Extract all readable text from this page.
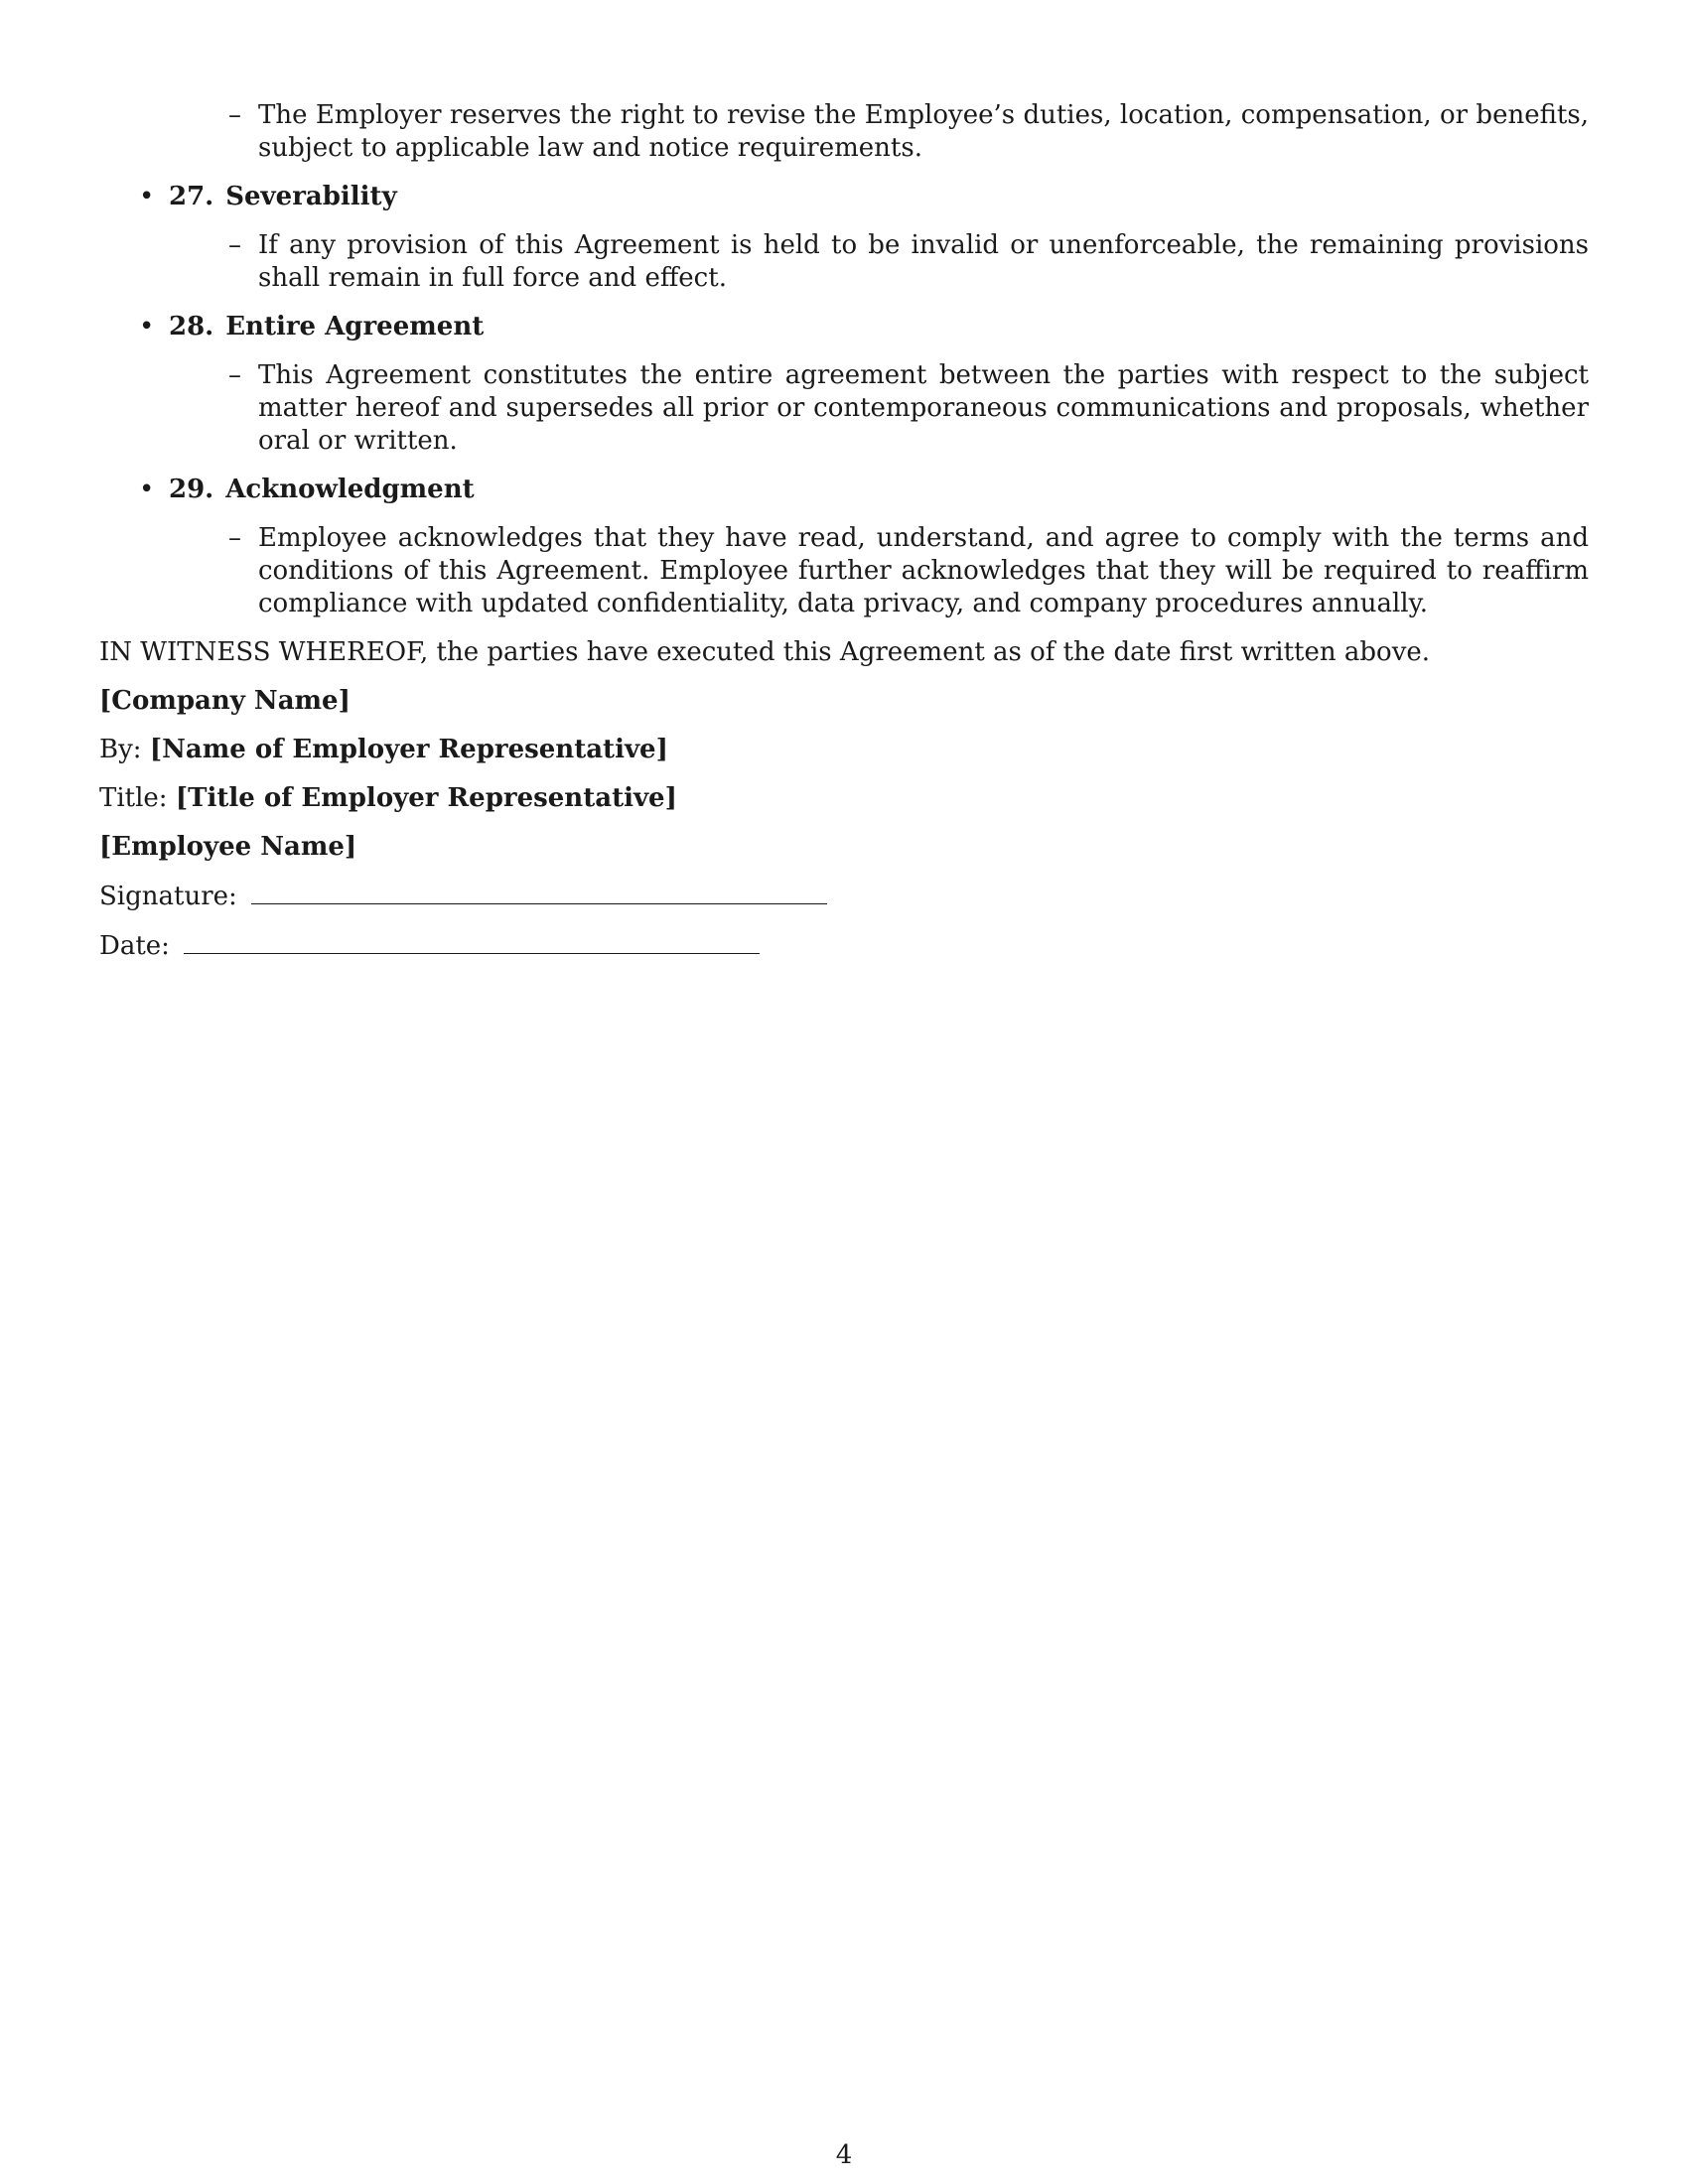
– The Employer reserves the right to revise the Employee’s duties, location, compensation, or benefits, subject to applicable law and notice requirements.
• 27. Severability
– If any provision of this Agreement is held to be invalid or unenforceable, the remaining provisions shall remain in full force and effect.
• 28. Entire Agreement
– This Agreement constitutes the entire agreement between the parties with respect to the subject matter hereof and supersedes all prior or contemporaneous communications and proposals, whether oral or written.
• 29. Acknowledgment
– Employee acknowledges that they have read, understand, and agree to comply with the terms and conditions of this Agreement. Employee further acknowledges that they will be required to reaffirm compliance with updated confidentiality, data privacy, and company procedures annually.
IN WITNESS WHEREOF, the parties have executed this Agreement as of the date first written above.
[Company Name]
By: [Name of Employer Representative]
Title: [Title of Employer Representative]
[Employee Name]
Signature:
Date:
4
